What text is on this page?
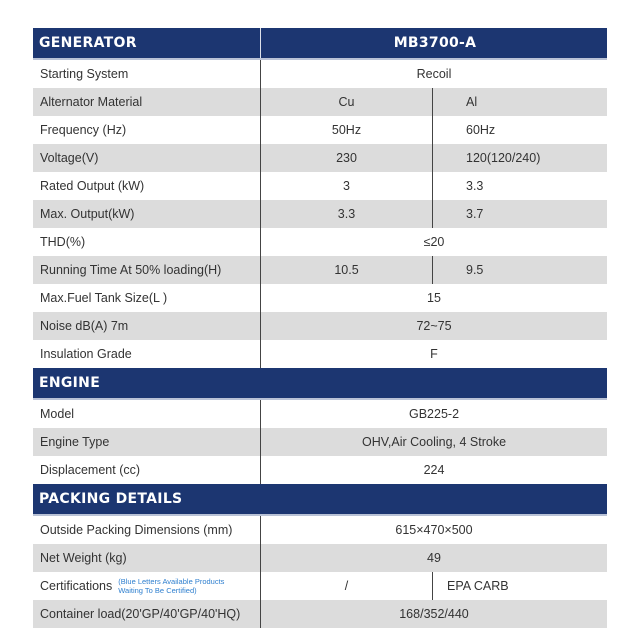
GENERATOR	MB3700-A
Starting System	Recoil
Alternator Material	Cu	Al
Frequency (Hz)	50Hz	60Hz
Voltage(V)	230	120(120/240)
Rated Output (kW)	3	3.3
Max. Output(kW)	3.3	3.7
THD(%)	≤20
Running Time At 50% loading(H)	10.5	9.5
Max.Fuel Tank Size(L )	15
Noise dB(A) 7m	72~75
Insulation Grade	F
ENGINE
Model	GB225-2
Engine Type	OHV,Air Cooling, 4 Stroke
Displacement (cc)	224
PACKING DETAILS
Outside Packing Dimensions (mm)	615×470×500
Net Weight (kg)	49
Certifications (Blue Letters Available Products Waiting To Be Certified)	/	EPA CARB
Container load(20'GP/40'GP/40'HQ)	168/352/440
